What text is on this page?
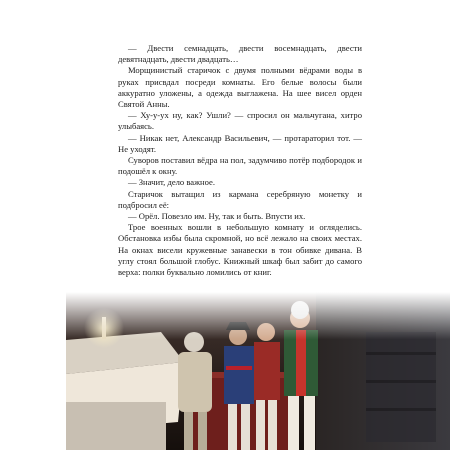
— Двести семнадцать, двести восемнадцать, двести девятнадцать, двести двадцать…

Морщинистый старичок с двумя полными вёдрами воды в руках присвдал посреди комнаты. Его белые волосы были аккуратно уложены, а одежда выглажена. На шее висел орден Святой Анны.

— Ху-у-ух ну, как? Ушли? — спросил он мальчугана, хитро улыбаясь.

— Никак нет, Александр Васильевич, — протараторил тот. — Не уходят.

Суворов поставил вёдра на пол, задумчиво потёр подбородок и подошёл к окну.

— Значит, дело важное.

Старичок вытащил из кармана серебряную монетку и подбросил её:

— Орёл. Повезло им. Ну, так и быть. Впусти их.

Трое военных вошли в небольшую комнату и огляделись. Обстановка избы была скромной, но всё лежало на своих местах. На окнах висели кружевные занавески в тон обивке дивана. В углу стоял большой глобус. Книжный шкаф был забит до самого верха: полки буквально ломились от книг.
